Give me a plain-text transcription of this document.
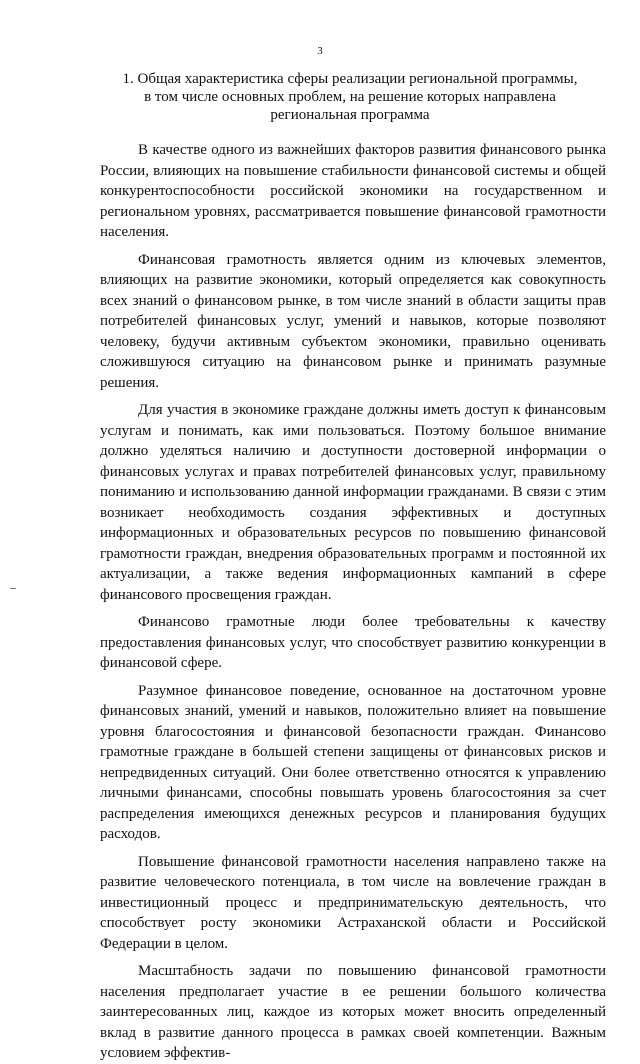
3
1. Общая характеристика сферы реализации региональной программы,
в том числе основных проблем, на решение которых направлена
региональная программа

В качестве одного из важнейших факторов развития финансового рынка России, влияющих на повышение стабильности финансовой системы и общей конкурентоспособности российской экономики на государственном и региональном уровнях, рассматривается повышение финансовой грамотности населения.

Финансовая грамотность является одним из ключевых элементов, влияющих на развитие экономики, который определяется как совокупность всех знаний о финансовом рынке, в том числе знаний в области защиты прав потребителей финансовых услуг, умений и навыков, которые позволяют человеку, будучи активным субъектом экономики, правильно оценивать сложившуюся ситуацию на финансовом рынке и принимать разумные решения.

Для участия в экономике граждане должны иметь доступ к финансовым услугам и понимать, как ими пользоваться. Поэтому большое внимание должно уделяться наличию и доступности достоверной информации о финансовых услугах и правах потребителей финансовых услуг, правильному пониманию и использованию данной информации гражданами. В связи с этим возникает необходимость создания эффективных и доступных информационных и образовательных ресурсов по повышению финансовой грамотности граждан, внедрения образовательных программ и постоянной их актуализации, а также ведения информационных кампаний в сфере финансового просвещения граждан.

Финансово грамотные люди более требовательны к качеству предоставления финансовых услуг, что способствует развитию конкуренции в финансовой сфере.

Разумное финансовое поведение, основанное на достаточном уровне финансовых знаний, умений и навыков, положительно влияет на повышение уровня благосостояния и финансовой безопасности граждан. Финансово грамотные граждане в большей степени защищены от финансовых рисков и непредвиденных ситуаций. Они более ответственно относятся к управлению личными финансами, способны повышать уровень благосостояния за счет распределения имеющихся денежных ресурсов и планирования будущих расходов.

Повышение финансовой грамотности населения направлено также на развитие человеческого потенциала, в том числе на вовлечение граждан в инвестиционный процесс и предпринимательскую деятельность, что способствует росту экономики Астраханской области и Российской Федерации в целом.

Масштабность задачи по повышению финансовой грамотности населения предполагает участие в ее решении большого количества заинтересованных лиц, каждое из которых может вносить определенный вклад в развитие данного процесса в рамках своей компетенции. Важным условием эффектив-
